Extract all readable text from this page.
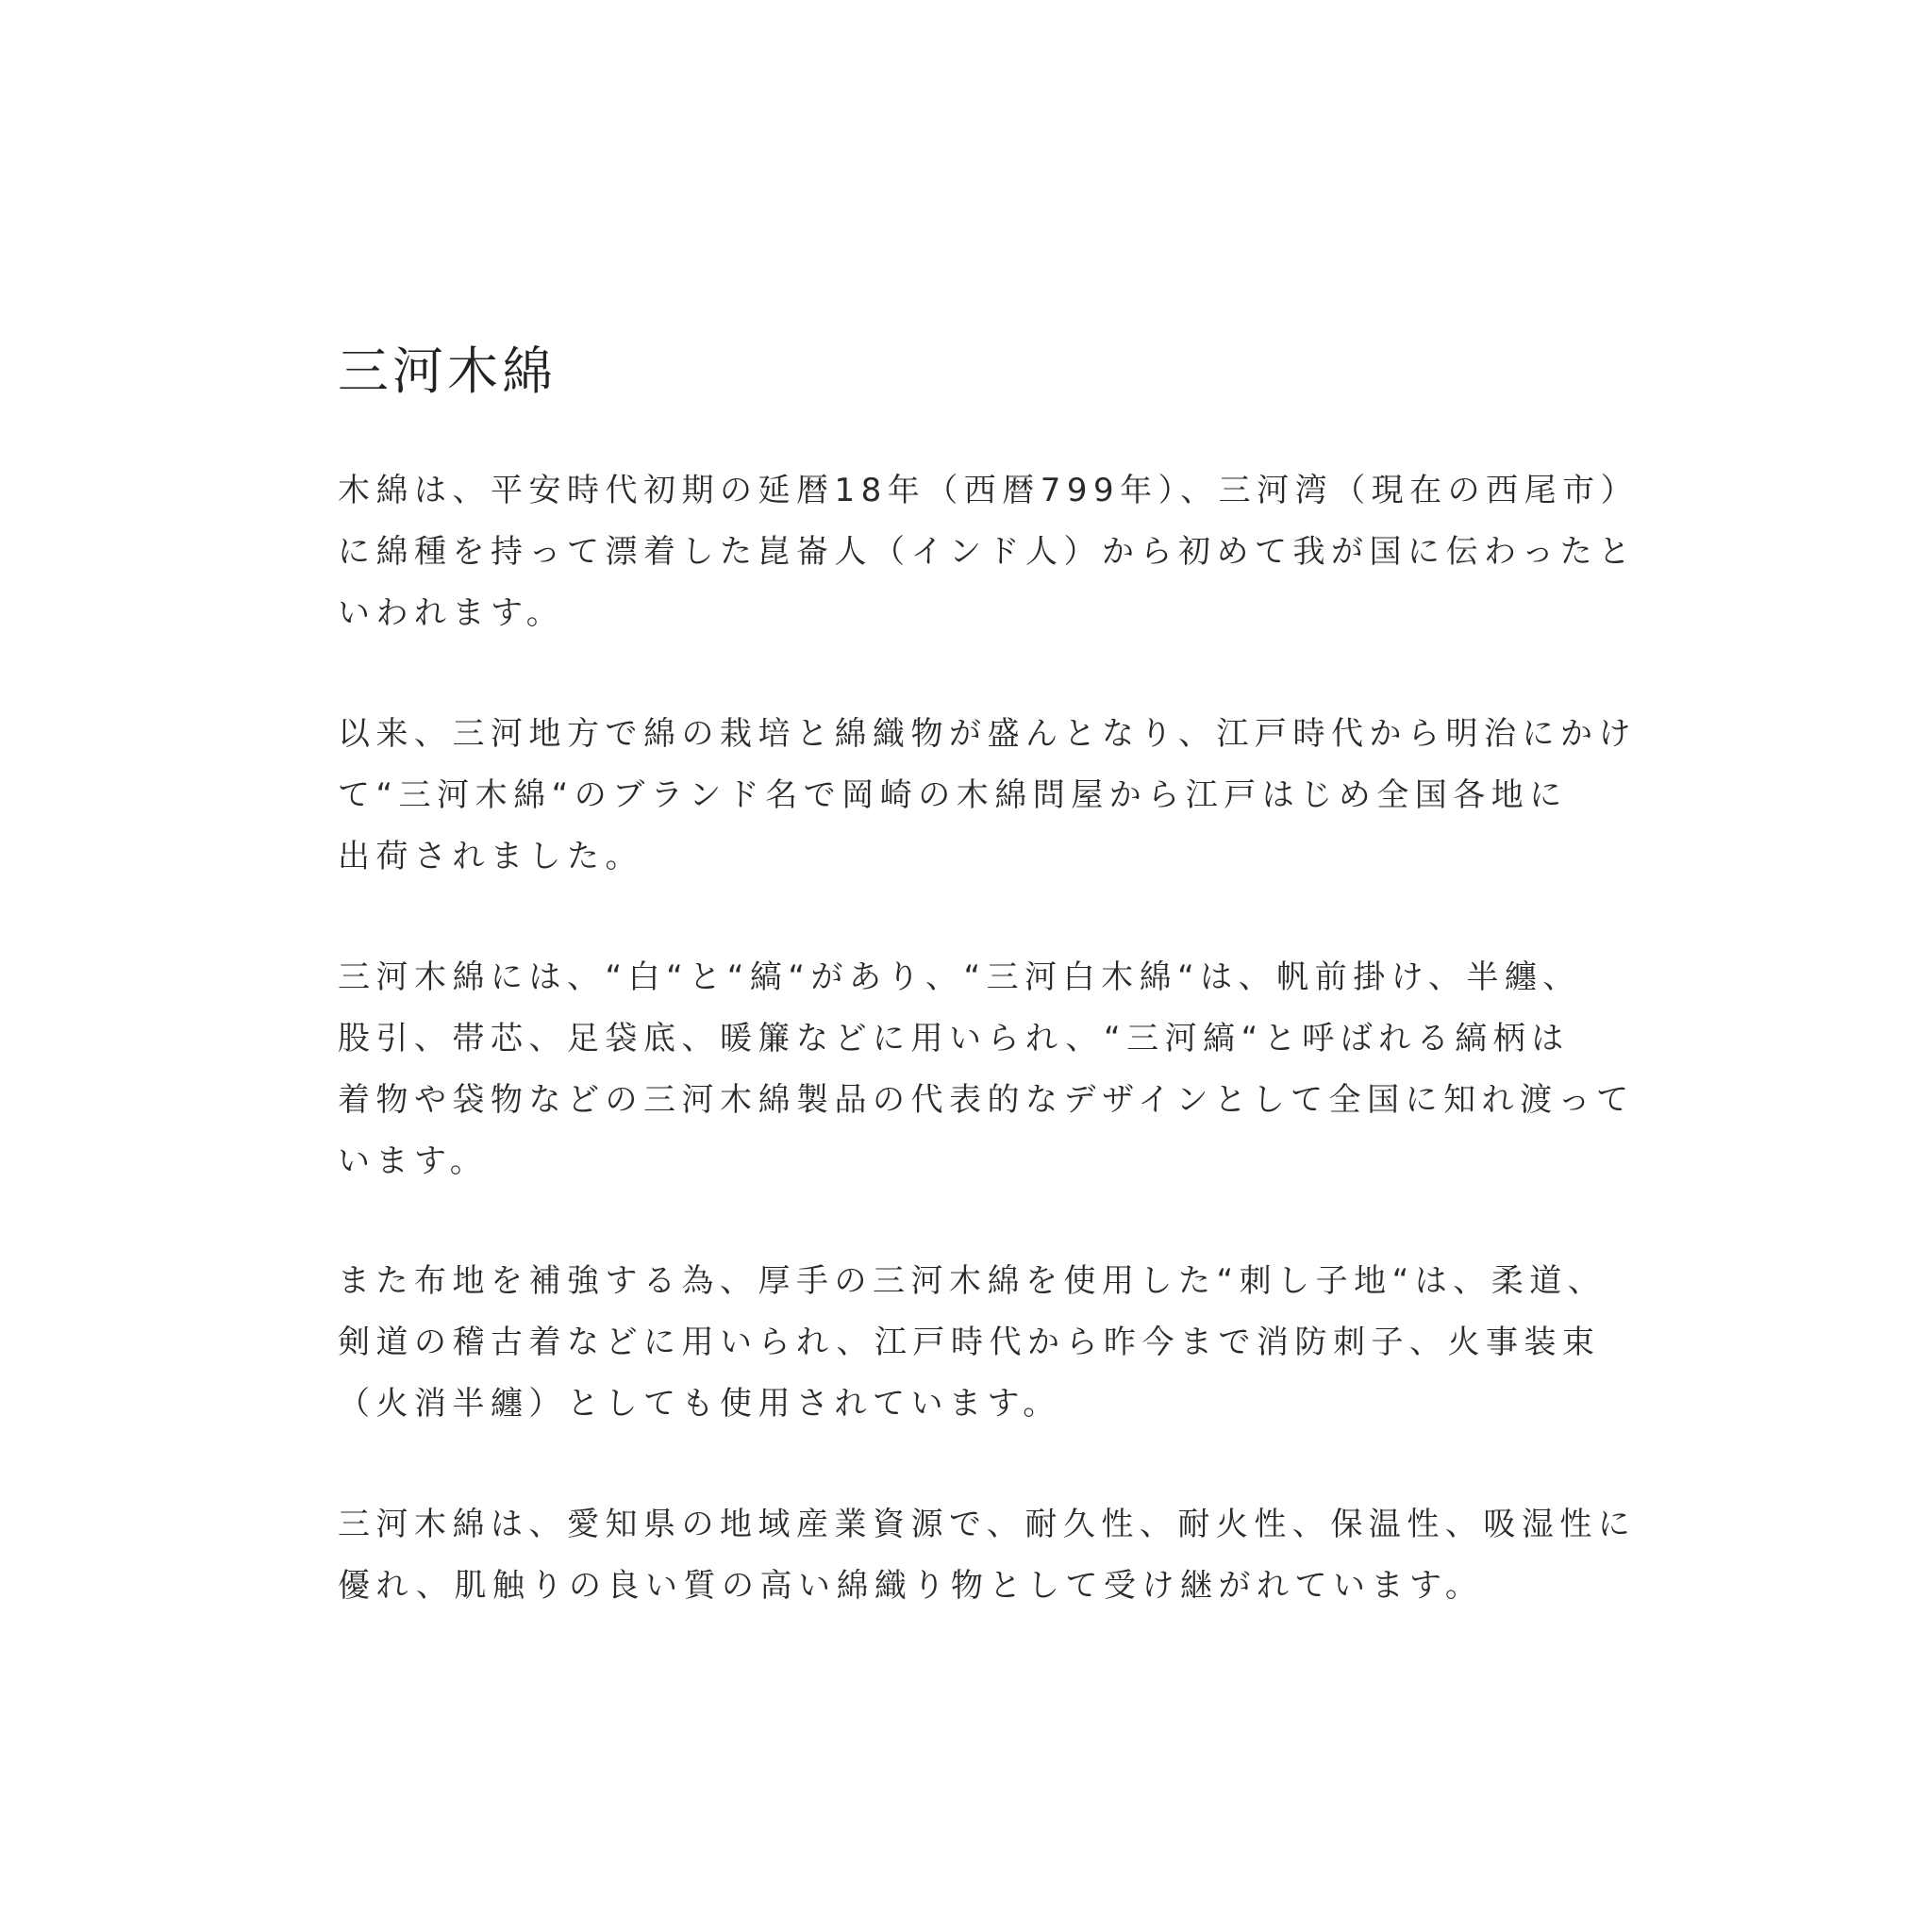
三河木綿

木綿は、平安時代初期の延暦18年（西暦799年）、三河湾（現在の西尾市）
に綿種を持って漂着した崑崙人（インド人）から初めて我が国に伝わったと
いわれます。

以来、三河地方で綿の栽培と綿織物が盛んとなり、江戸時代から明治にかけ
て“三河木綿“のブランド名で岡崎の木綿問屋から江戸はじめ全国各地に
出荷されました。

三河木綿には、“白“と“縞“があり、“三河白木綿“は、帆前掛け、半纏、
股引、帯芯、足袋底、暖簾などに用いられ、“三河縞“と呼ばれる縞柄は
着物や袋物などの三河木綿製品の代表的なデザインとして全国に知れ渡って
います。

また布地を補強する為、厚手の三河木綿を使用した“刺し子地“は、柔道、
剣道の稽古着などに用いられ、江戸時代から昨今まで消防刺子、火事装束
（火消半纏）としても使用されています。

三河木綿は、愛知県の地域産業資源で、耐久性、耐火性、保温性、吸湿性に
優れ、肌触りの良い質の高い綿織り物として受け継がれています。
